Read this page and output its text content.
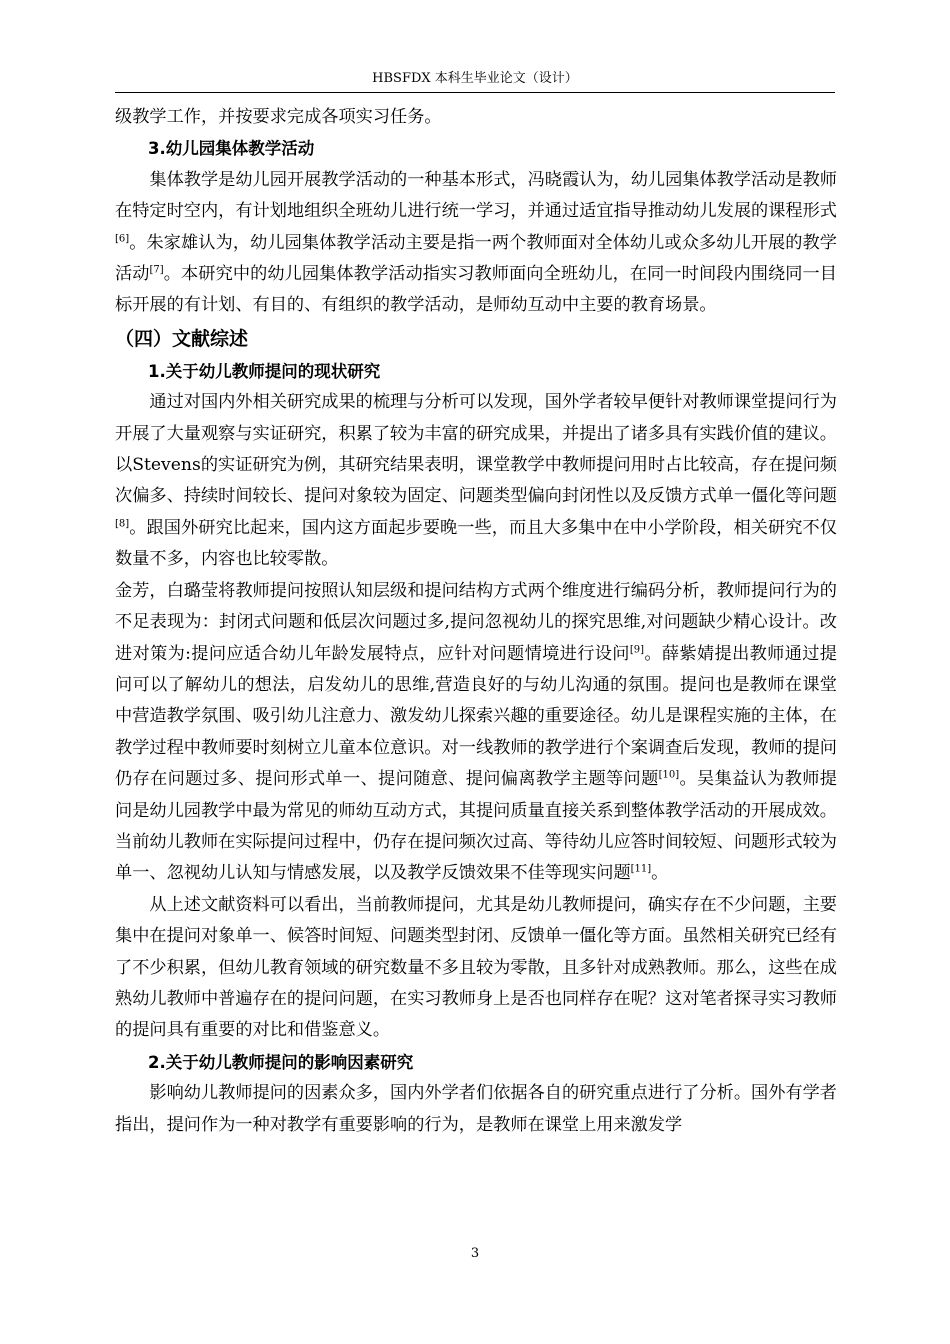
HBSFDX 本科生毕业论文（设计）

级教学工作，并按要求完成各项实习任务。

3.幼儿园集体教学活动

集体教学是幼儿园开展教学活动的一种基本形式，冯晓霞认为，幼儿园集体教学活动是教师在特定时空内，有计划地组织全班幼儿进行统一学习，并通过适宜指导推动幼儿发展的课程形式[6]。朱家雄认为，幼儿园集体教学活动主要是指一两个教师面对全体幼儿或众多幼儿开展的教学活动[7]。本研究中的幼儿园集体教学活动指实习教师面向全班幼儿，在同一时间段内围绕同一目标开展的有计划、有目的、有组织的教学活动，是师幼互动中主要的教育场景。

（四）文献综述

1.关于幼儿教师提问的现状研究

通过对国内外相关研究成果的梳理与分析可以发现，国外学者较早便针对教师课堂提问行为开展了大量观察与实证研究，积累了较为丰富的研究成果，并提出了诸多具有实践价值的建议。以Stevens的实证研究为例，其研究结果表明，课堂教学中教师提问用时占比较高，存在提问频次偏多、持续时间较长、提问对象较为固定、问题类型偏向封闭性以及反馈方式单一僵化等问题[8]。跟国外研究比起来，国内这方面起步要晚一些，而且大多集中在中小学阶段，相关研究不仅数量不多，内容也比较零散。

金芳，白璐莹将教师提问按照认知层级和提问结构方式两个维度进行编码分析，教师提问行为的不足表现为：封闭式问题和低层次问题过多,提问忽视幼儿的探究思维,对问题缺少精心设计。改进对策为:提问应适合幼儿年龄发展特点，应针对问题情境进行设问[9]。薛紫婧提出教师通过提问可以了解幼儿的想法，启发幼儿的思维,营造良好的与幼儿沟通的氛围。提问也是教师在课堂中营造教学氛围、吸引幼儿注意力、激发幼儿探索兴趣的重要途径。幼儿是课程实施的主体，在教学过程中教师要时刻树立儿童本位意识。对一线教师的教学进行个案调查后发现，教师的提问仍存在问题过多、提问形式单一、提问随意、提问偏离教学主题等问题[10]。吴集益认为教师提问是幼儿园教学中最为常见的师幼互动方式，其提问质量直接关系到整体教学活动的开展成效。当前幼儿教师在实际提问过程中，仍存在提问频次过高、等待幼儿应答时间较短、问题形式较为单一、忽视幼儿认知与情感发展，以及教学反馈效果不佳等现实问题[11]。

从上述文献资料可以看出，当前教师提问，尤其是幼儿教师提问，确实存在不少问题，主要集中在提问对象单一、候答时间短、问题类型封闭、反馈单一僵化等方面。虽然相关研究已经有了不少积累，但幼儿教育领域的研究数量不多且较为零散，且多针对成熟教师。那么，这些在成熟幼儿教师中普遍存在的提问问题，在实习教师身上是否也同样存在呢？这对笔者探寻实习教师的提问具有重要的对比和借鉴意义。

2.关于幼儿教师提问的影响因素研究

影响幼儿教师提问的因素众多，国内外学者们依据各自的研究重点进行了分析。国外有学者指出，提问作为一种对教学有重要影响的行为，是教师在课堂上用来激发学

3
